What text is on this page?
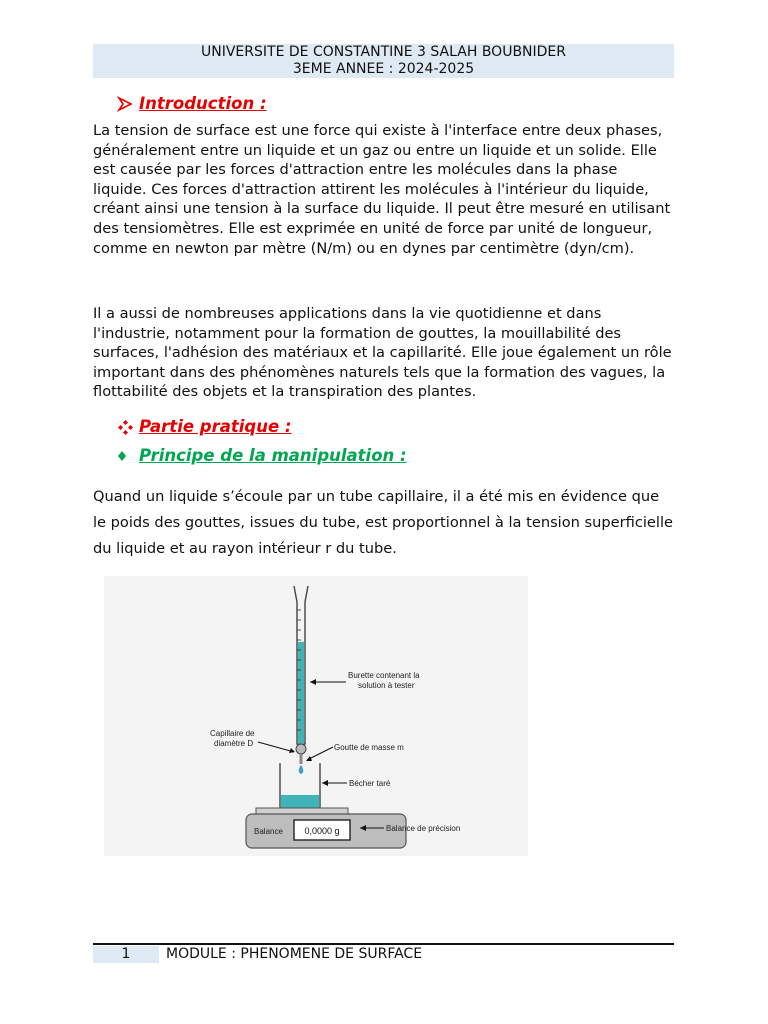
UNIVERSITE DE CONSTANTINE 3 SALAH BOUBNIDER
3EME ANNEE : 2024-2025
Introduction :

La tension de surface est une force qui existe à l'interface entre deux phases, généralement entre un liquide et un gaz ou entre un liquide et un solide. Elle est causée par les forces d'attraction entre les molécules dans la phase liquide. Ces forces d'attraction attirent les molécules à l'intérieur du liquide, créant ainsi une tension à la surface du liquide. Il peut être mesuré en utilisant des tensiomètres. Elle est exprimée en unité de force par unité de longueur, comme en newton par mètre (N/m) ou en dynes par centimètre (dyn/cm).

Il a aussi de nombreuses applications dans la vie quotidienne et dans l'industrie, notamment pour la formation de gouttes, la mouillabilité des surfaces, l'adhésion des matériaux et la capillarité. Elle joue également un rôle important dans des phénomènes naturels tels que la formation des vagues, la flottabilité des objets et la transpiration des plantes.

Partie pratique :
Principe de la manipulation :

Quand un liquide s’écoule par un tube capillaire, il a été mis en évidence que le poids des gouttes, issues du tube, est proportionnel à la tension superficielle du liquide et au rayon intérieur r du tube.

Balance 0,0000 g
Burette contenant la
solution à tester
Capillaire de
diamètre D	Goutte de masse m
Bécher taré
Balance de précision
1	MODULE : PHENOMENE DE SURFACE
